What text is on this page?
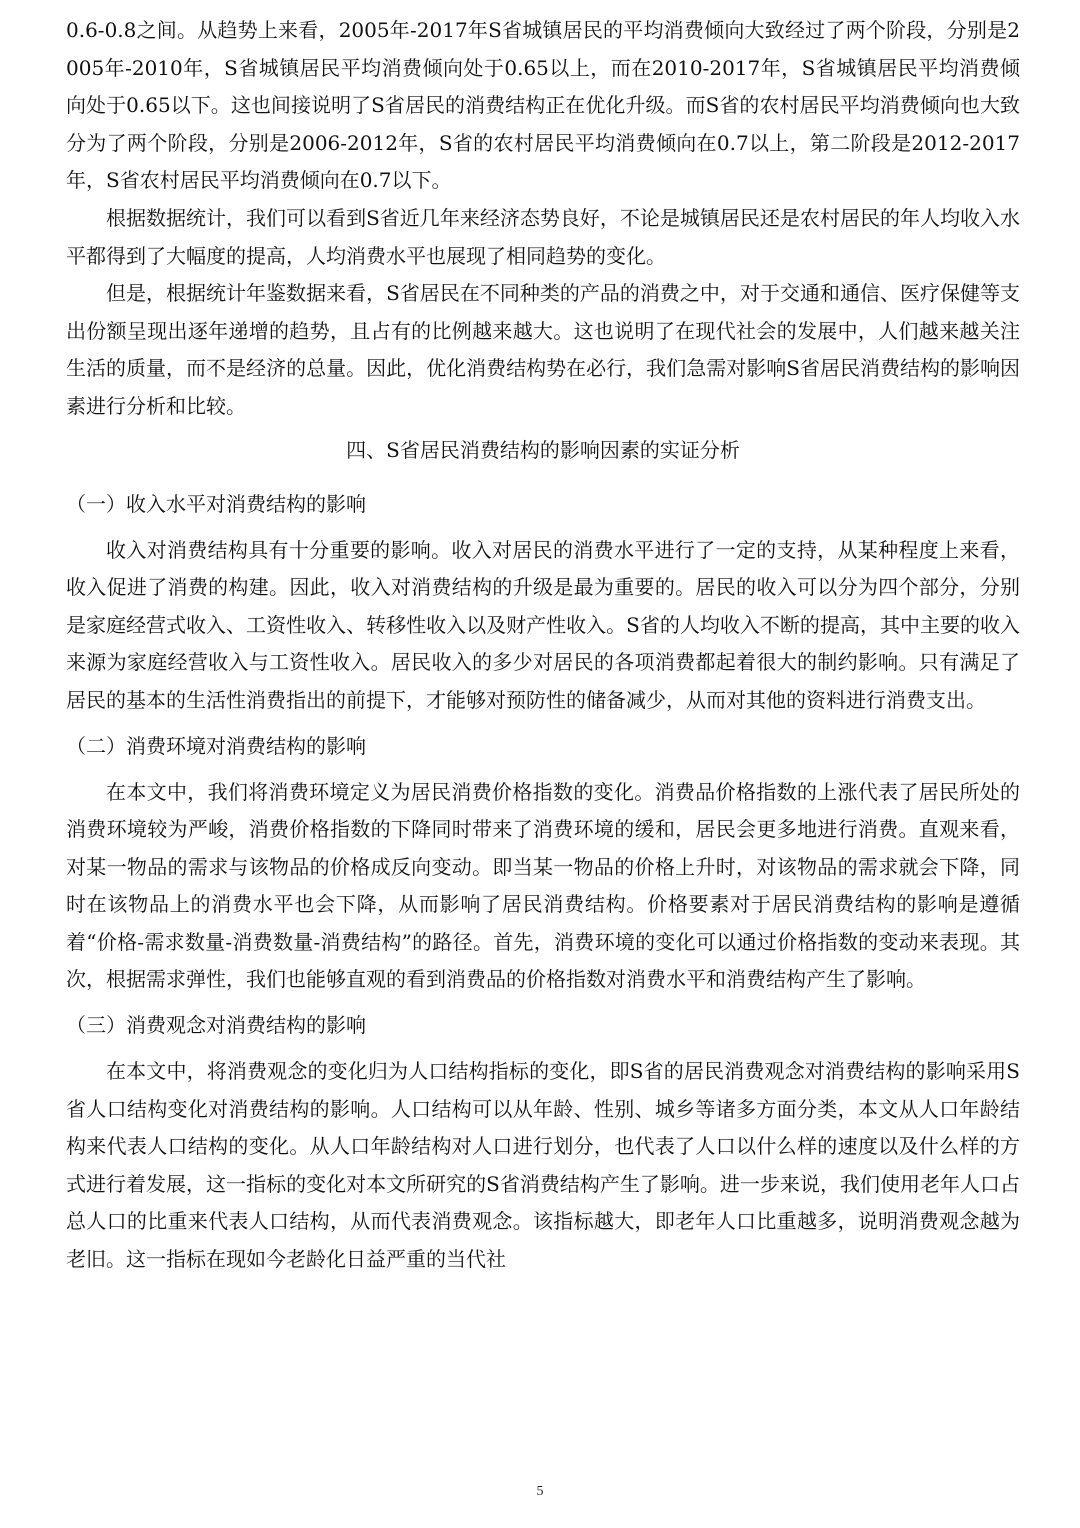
0.6-0.8之间。从趋势上来看，2005年-2017年S省城镇居民的平均消费倾向大致经过了两个阶段，分别是2005年-2010年，S省城镇居民平均消费倾向处于0.65以上，而在2010-2017年，S省城镇居民平均消费倾向处于0.65以下。这也间接说明了S省居民的消费结构正在优化升级。而S省的农村居民平均消费倾向也大致分为了两个阶段，分别是2006-2012年，S省的农村居民平均消费倾向在0.7以上，第二阶段是2012-2017年，S省农村居民平均消费倾向在0.7以下。

根据数据统计，我们可以看到S省近几年来经济态势良好，不论是城镇居民还是农村居民的年人均收入水平都得到了大幅度的提高，人均消费水平也展现了相同趋势的变化。

但是，根据统计年鉴数据来看，S省居民在不同种类的产品的消费之中，对于交通和通信、医疗保健等支出份额呈现出逐年递增的趋势，且占有的比例越来越大。这也说明了在现代社会的发展中，人们越来越关注生活的质量，而不是经济的总量。因此，优化消费结构势在必行，我们急需对影响S省居民消费结构的影响因素进行分析和比较。

四、S省居民消费结构的影响因素的实证分析
（一）收入水平对消费结构的影响

收入对消费结构具有十分重要的影响。收入对居民的消费水平进行了一定的支持，从某种程度上来看，收入促进了消费的构建。因此，收入对消费结构的升级是最为重要的。居民的收入可以分为四个部分，分别是家庭经营式收入、工资性收入、转移性收入以及财产性收入。S省的人均收入不断的提高，其中主要的收入来源为家庭经营收入与工资性收入。居民收入的多少对居民的各项消费都起着很大的制约影响。只有满足了居民的基本的生活性消费指出的前提下，才能够对预防性的储备减少，从而对其他的资料进行消费支出。

（二）消费环境对消费结构的影响

在本文中，我们将消费环境定义为居民消费价格指数的变化。消费品价格指数的上涨代表了居民所处的消费环境较为严峻，消费价格指数的下降同时带来了消费环境的缓和，居民会更多地进行消费。直观来看，对某一物品的需求与该物品的价格成反向变动。即当某一物品的价格上升时，对该物品的需求就会下降，同时在该物品上的消费水平也会下降，从而影响了居民消费结构。价格要素对于居民消费结构的影响是遵循着“价格-需求数量-消费数量-消费结构”的路径。首先，消费环境的变化可以通过价格指数的变动来表现。其次，根据需求弹性，我们也能够直观的看到消费品的价格指数对消费水平和消费结构产生了影响。

（三）消费观念对消费结构的影响

在本文中，将消费观念的变化归为人口结构指标的变化，即S省的居民消费观念对消费结构的影响采用S省人口结构变化对消费结构的影响。人口结构可以从年龄、性别、城乡等诸多方面分类，本文从人口年龄结构来代表人口结构的变化。从人口年龄结构对人口进行划分，也代表了人口以什么样的速度以及什么样的方式进行着发展，这一指标的变化对本文所研究的S省消费结构产生了影响。进一步来说，我们使用老年人口占总人口的比重来代表人口结构，从而代表消费观念。该指标越大，即老年人口比重越多，说明消费观念越为老旧。这一指标在现如今老龄化日益严重的当代社

5
